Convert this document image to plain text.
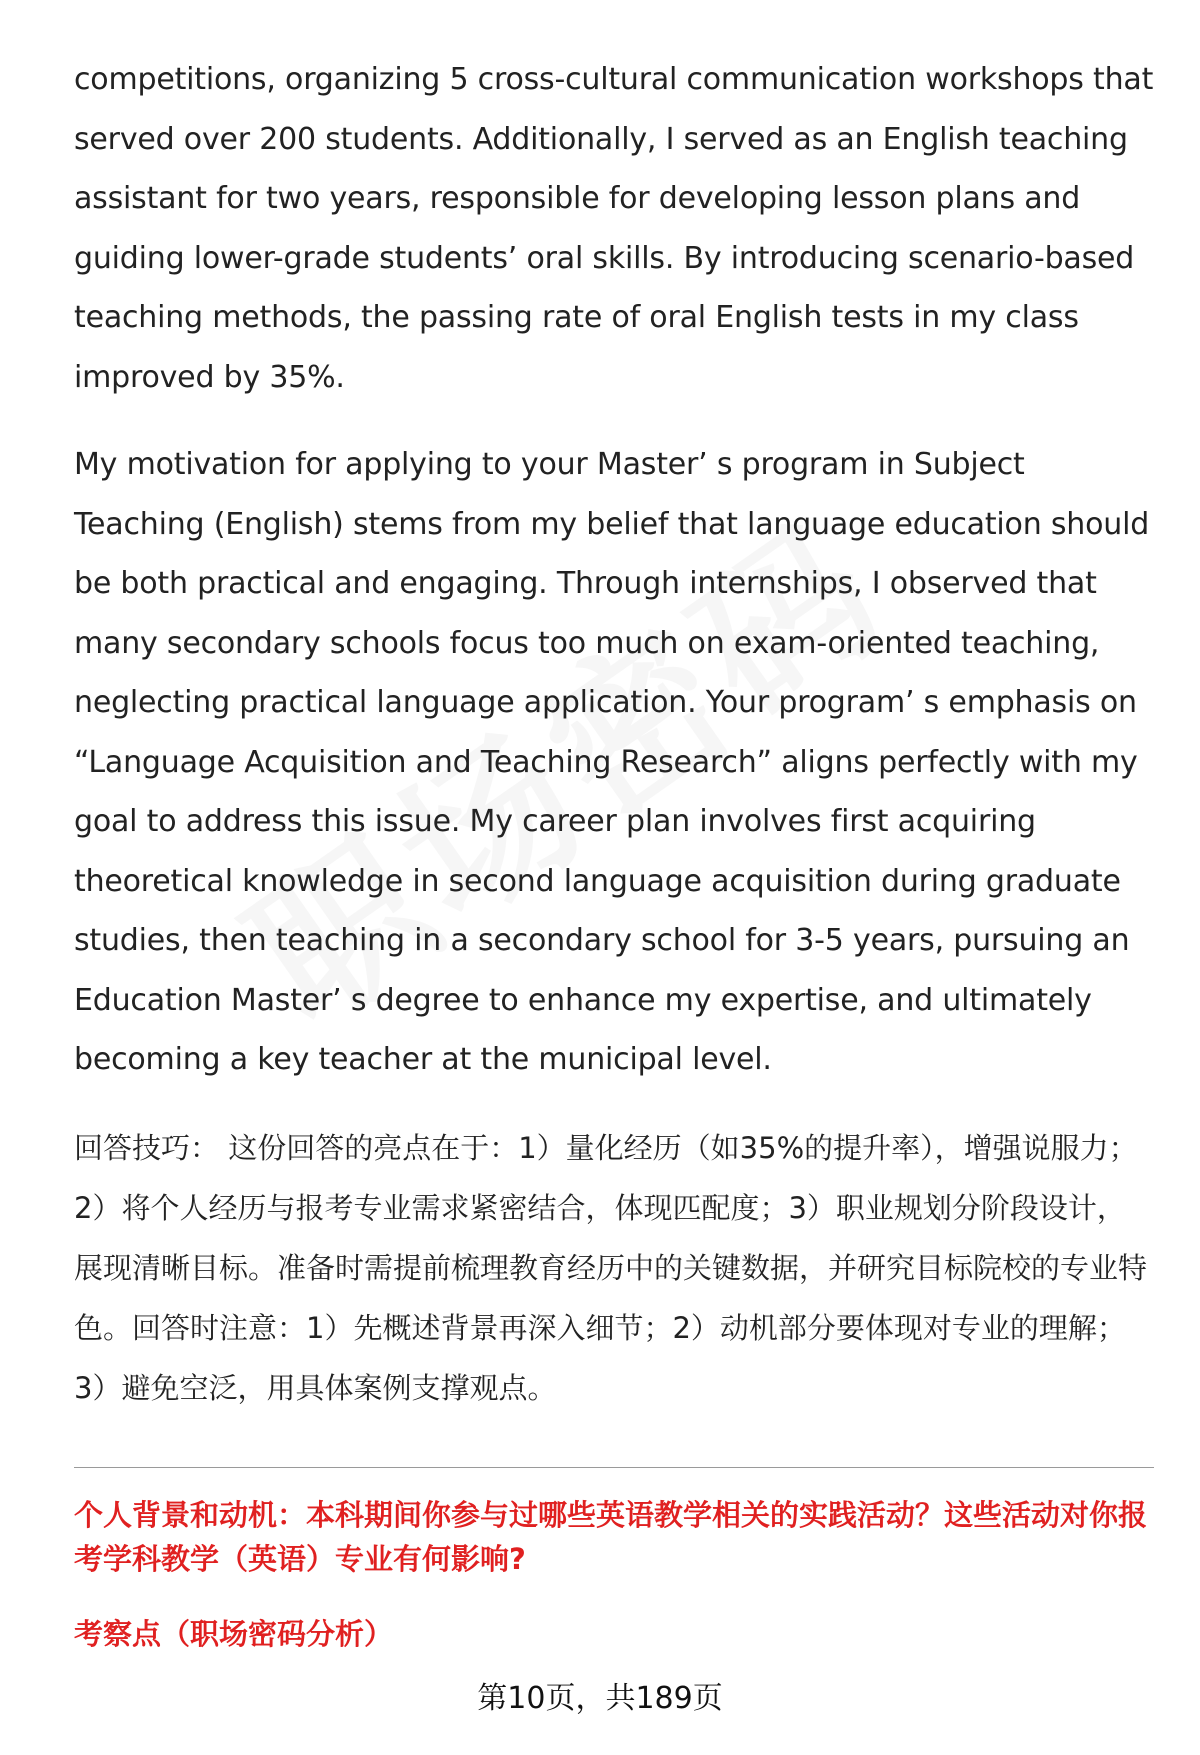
competitions, organizing 5 cross-cultural communication workshops that served over 200 students. Additionally, I served as an English teaching assistant for two years, responsible for developing lesson plans and guiding lower-grade students’ oral skills. By introducing scenario-based teaching methods, the passing rate of oral English tests in my class improved by 35%.

My motivation for applying to your Master’ s program in Subject Teaching (English) stems from my belief that language education should be both practical and engaging. Through internships, I observed that many secondary schools focus too much on exam-oriented teaching, neglecting practical language application. Your program’ s emphasis on “Language Acquisition and Teaching Research” aligns perfectly with my goal to address this issue. My career plan involves first acquiring theoretical knowledge in second language acquisition during graduate studies, then teaching in a secondary school for 3-5 years, pursuing an Education Master’ s degree to enhance my expertise, and ultimately becoming a key teacher at the municipal level.

回答技巧： 这份回答的亮点在于：1）量化经历（如35%的提升率），增强说服力；2）将个人经历与报考专业需求紧密结合，体现匹配度；3）职业规划分阶段设计，展现清晰目标。准备时需提前梳理教育经历中的关键数据，并研究目标院校的专业特色。回答时注意：1）先概述背景再深入细节；2）动机部分要体现对专业的理解；3）避免空泛，用具体案例支撑观点。

个人背景和动机：本科期间你参与过哪些英语教学相关的实践活动？这些活动对你报考学科教学（英语）专业有何影响?

考察点（职场密码分析）

第10页，共189页
